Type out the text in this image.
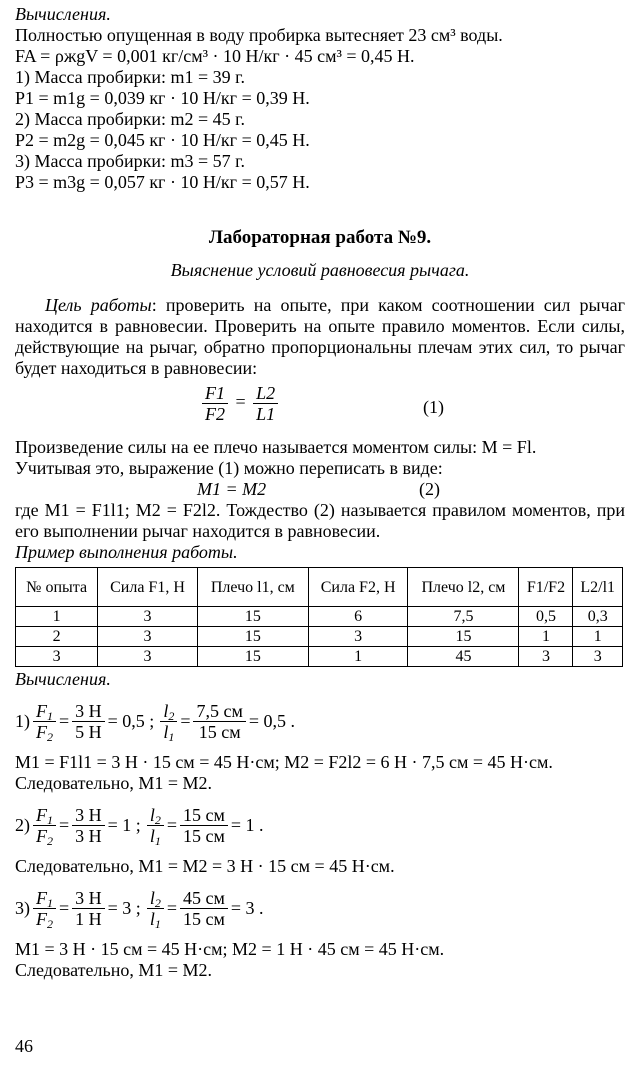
Вычисления.
Полностью опущенная в воду пробирка вытесняет 23 см³ воды.
FA = ρжgV = 0,001 кг/см³ · 10 Н/кг · 45 см³ = 0,45 Н.
1) Масса пробирки: m1 = 39 г.
P1 = m1g = 0,039 кг · 10 Н/кг = 0,39 Н.
2) Масса пробирки: m2 = 45 г.
P2 = m2g = 0,045 кг · 10 Н/кг = 0,45 Н.
3) Масса пробирки: m3 = 57 г.
P3 = m3g = 0,057 кг · 10 Н/кг = 0,57 Н.
Лабораторная работа №9.
Выяснение условий равновесия рычага.
Цель работы: проверить на опыте, при каком соотношении сил рычаг находится в равновесии. Проверить на опыте правило моментов. Если силы, действующие на рычаг, обратно пропорциональны плечам этих сил, то рычаг будет находиться в равновесии:
$\frac{F1}{F2} = \frac{L2}{L1}$	(1)
Произведение силы на ее плечо называется моментом силы: M = Fl.
Учитывая это, выражение (1) можно переписать в виде:
M1 = M2	(2)
где M1 = F1l1; M2 = F2l2. Тождество (2) называется правилом моментов, при его выполнении рычаг находится в равновесии.
Пример выполнения работы.
№ опыта	Сила F1, Н	Плечо l1, см	Сила F2, Н	Плечо l2, см	F1/F2	L2/l1
1	3	15	6	7,5	0,5	0,3
2	3	15	3	15	1	1
3	3	15	1	45	3	3
Вычисления.
$1) \frac{F_1}{F_2} = \frac{3 Н}{5 Н} = 0,5$ ; $\frac{l_2}{l_1} = \frac{7,5 см}{15 см} = 0,5$ .
M1 = F1l1 = 3 Н · 15 см = 45 Н·см; M2 = F2l2 = 6 Н · 7,5 см = 45 Н·см.
Следовательно, M1 = M2.
$2) \frac{F_1}{F_2} = \frac{3 Н}{3 Н} = 1$ ; $\frac{l_2}{l_1} = \frac{15 см}{15 см} = 1$ .
Следовательно, M1 = M2 = 3 Н · 15 см = 45 Н·см.
$3) \frac{F_1}{F_2} = \frac{3 Н}{1 Н} = 3$ ; $\frac{l_2}{l_1} = \frac{45 см}{15 см} = 3$ .
M1 = 3 Н · 15 см = 45 Н·см; M2 = 1 Н · 45 см = 45 Н·см.
Следовательно, M1 = M2.
46
